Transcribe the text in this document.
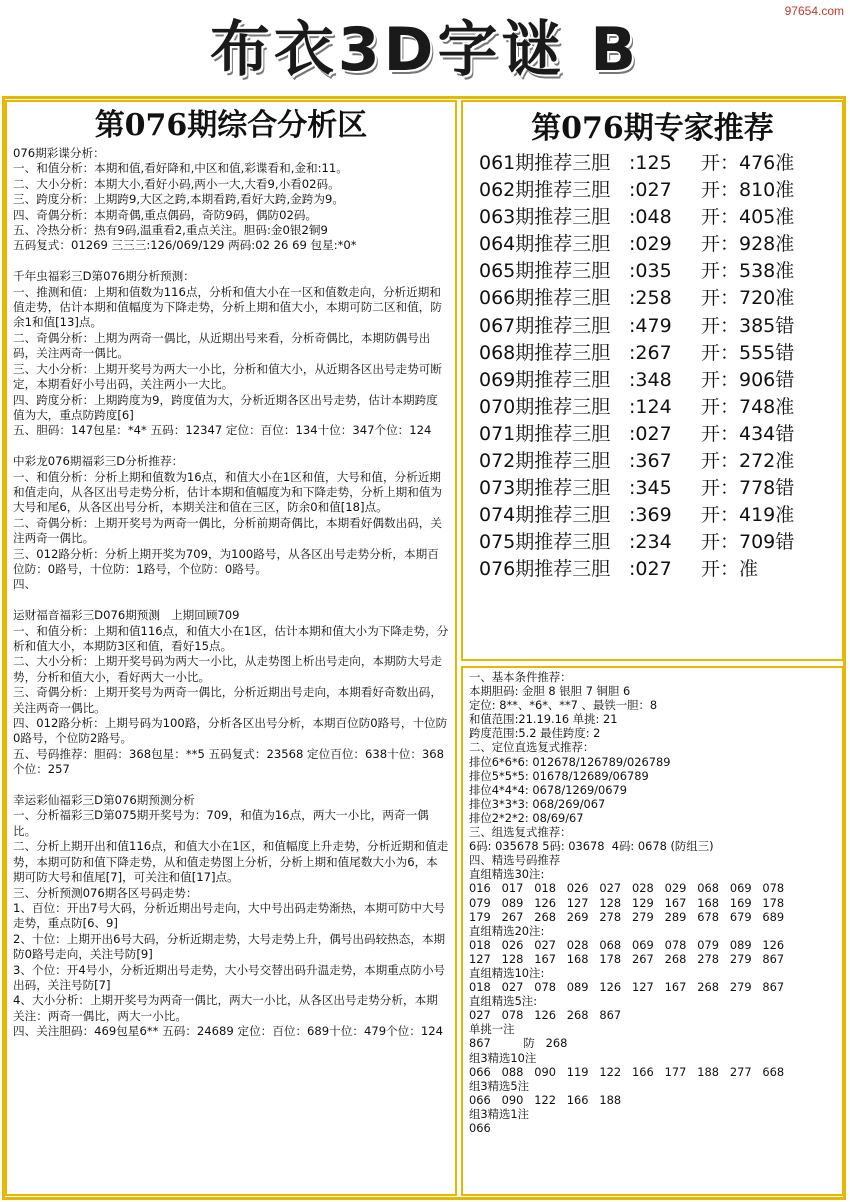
97654.com
布衣3D字谜 B
第076期综合分析区
076期彩谍分析：
一、和值分析：本期和值,看好降和,中区和值,彩谍看和,金和:11。
二、大小分析：本期大小,看好小码,两小一大,大看9,小看02码。
三、跨度分析：上期跨9,大区之跨,本期看跨,看好大跨,金跨为9。
四、奇偶分析：本期奇偶,重点偶码，奇防9码，偶防02码。
五、冷热分析：热有9码,温重看2,重点关注。胆码:金0银2铜9
五码复式：01269 三三三:126/069/129 两码:02 26 69 包星:*0*

千年虫福彩三D第076期分析预测：
一、推测和值：上期和值数为116点，分析和值大小在一区和值数走向，分析近期和值走势，估计本期和值幅度为下降走势，分析上期和值大小，本期可防二区和值，防余1和值[13]点。
二、奇偶分析：上期为两奇一偶比，从近期出号来看，分析奇偶比，本期防偶号出码，关注两奇一偶比。
三、大小分析：上期开奖号为两大一小比，分析和值大小，从近期各区出号走势可断定，本期看好小号出码，关注两小一大比。
四、跨度分析：上期跨度为9，跨度值为大，分析近期各区出号走势，估计本期跨度值为大，重点防跨度[6]
五、胆码：147包星：*4* 五码：12347 定位：百位：134十位：347个位：124

中彩龙076期福彩三D分析推荐：
一、和值分析：分析上期和值数为16点，和值大小在1区和值，大号和值，分析近期和值走向，从各区出号走势分析，估计本期和值幅度为和下降走势，分析上期和值为大号和尾6，从各区出号分析，本期关注和值在三区，防余0和值[18]点。
二、奇偶分析：上期开奖号为两奇一偶比，分析前期奇偶比，本期看好偶数出码，关注两奇一偶比。
三、012路分析：分析上期开奖为709，为100路号，从各区出号走势分析，本期百位防：0路号，十位防：1路号，个位防：0路号。
四、

运财福音福彩三D076期预测   上期回顾709
一、和值分析：上期和值116点，和值大小在1区，估计本期和值大小为下降走势，分析和值大小，本期防3区和值，看好15点。
二、大小分析：上期开奖号码为两大一小比，从走势图上析出号走向，本期防大号走势，分析和值大小，看好两大一小比。
三、奇偶分析：上期开奖号为两奇一偶比，分析近期出号走向，本期看好奇数出码，关注两奇一偶比。
四、012路分析：上期号码为100路，分析各区出号分析，本期百位防0路号，十位防0路号，个位防2路号。
五、号码推荐：胆码：368包星：**5 五码复式：23568 定位百位：638十位：368个位：257

幸运彩仙福彩三D第076期预测分析
一、分析福彩三D第075期开奖号为：709，和值为16点，两大一小比，两奇一偶比。
二、分析上期开出和值116点，和值大小在1区，和值幅度上升走势，分析近期和值走势，本期可防和值下降走势，从和值走势图上分析，分析上期和值尾数大小为6，本期可防大号和值尾[7]，可关注和值[17]点。
三、分析预测076期各区号码走势：
1、百位：开出7号大码，分析近期出号走向，大中号出码走势渐热，本期可防中大号走势，重点防[6、9]
2、十位：上期开出6号大码，分析近期走势，大号走势上升，偶号出码较热态，本期防0路号走向，关注号防[9]
3、个位：开4号小，分析近期出号走势，大小号交替出码升温走势，本期重点防小号出码，关注号防[7]
4、大小分析：上期开奖号为两奇一偶比，两大一小比，从各区出号走势分析，本期关注：两奇一偶比，两大一小比。
四、关注胆码：469包星6** 五码：24689 定位：百位：689十位：479个位：124
第076期专家推荐
061期推荐三胆 :125 开：476准
062期推荐三胆 :027 开：810准
063期推荐三胆 :048 开：405准
064期推荐三胆 :029 开：928准
065期推荐三胆 :035 开：538准
066期推荐三胆 :258 开：720准
067期推荐三胆 :479 开：385错
068期推荐三胆 :267 开：555错
069期推荐三胆 :348 开：906错
070期推荐三胆 :124 开：748准
071期推荐三胆 :027 开：434错
072期推荐三胆 :367 开：272准
073期推荐三胆 :345 开：778错
074期推荐三胆 :369 开：419准
075期推荐三胆 :234 开：709错
076期推荐三胆 :027 开：准
一、基本条件推荐：
本期胆码: 金胆 8 银胆 7 铜胆 6
定位: 8**、*6*、**7 、最铁一胆：8
和值范围:21.19.16 单挑: 21
跨度范围:5.2 最佳跨度: 2
二、定位直选复式推荐：
排位6*6*6: 012678/126789/026789
排位5*5*5: 01678/12689/06789
排位4*4*4: 0678/1269/0679
排位3*3*3: 068/269/067
排位2*2*2: 08/69/67
三、组选复式推荐：
6码: 035678 5码: 03678  4码: 0678 (防组三)
四、精选号码推荐
直组精选30注:
016   017   018   026   027   028   029   068   069   078
079   089   126   127   128   129   167   168   169   178
179   267   268   269   278   279   289   678   679   689
直组精选20注:
018   026   027   028   068   069   078   079   089   126
127   128   167   168   178   267   268   278   279   867
直组精选10注:
018   027   078   089   126   127   167   268   279   867
直组精选5注:
027   078   126   268   867
单挑一注
867         防   268
组3精选10注
066   088   090   119   122   166   177   188   277   668
组3精选5注
066   090   122   166   188
组3精选1注
066
